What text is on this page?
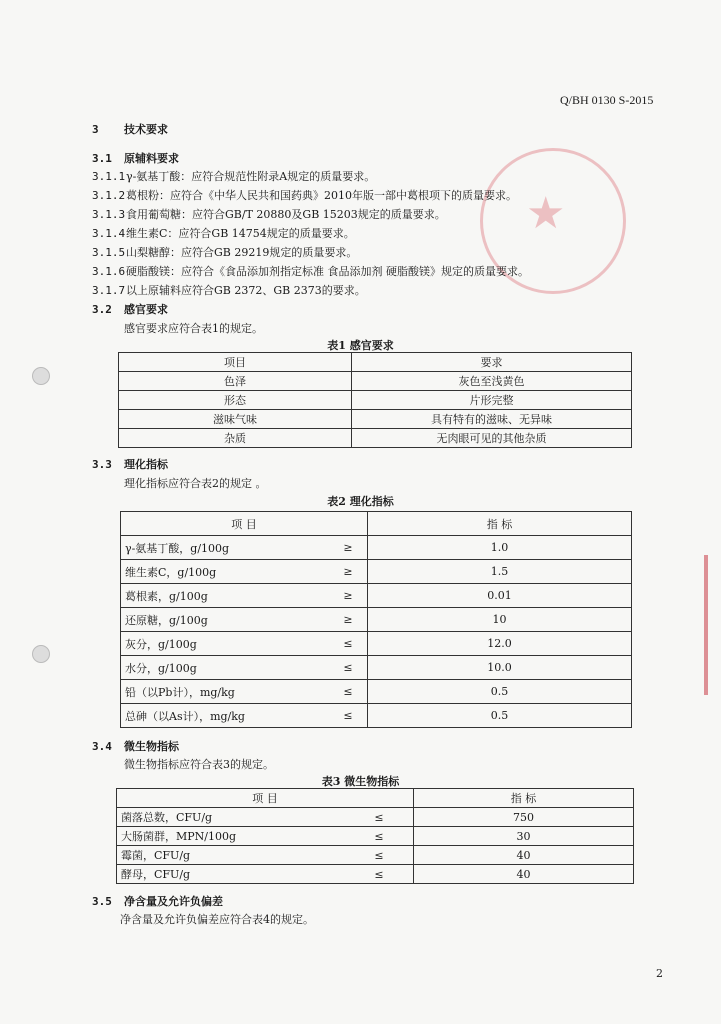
★
Q/BH 0130 S-2015
3 技术要求
3.1 原辅料要求
3.1.1γ-氨基丁酸：应符合规范性附录A规定的质量要求。
3.1.2葛根粉：应符合《中华人民共和国药典》2010年版一部中葛根项下的质量要求。
3.1.3食用葡萄糖：应符合GB/T 20880及GB 15203规定的质量要求。
3.1.4维生素C：应符合GB 14754规定的质量要求。
3.1.5山梨糖醇：应符合GB 29219规定的质量要求。
3.1.6硬脂酸镁：应符合《食品添加剂指定标准 食品添加剂 硬脂酸镁》规定的质量要求。
3.1.7以上原辅料应符合GB 2372、GB 2373的要求。
3.2 感官要求
感官要求应符合表1的规定。
表1 感官要求
项目	要求
色泽	灰色至浅黄色
形态	片形完整
滋味气味	具有特有的滋味、无异味
杂质	无肉眼可见的其他杂质
3.3 理化指标
理化指标应符合表2的规定 。
表2 理化指标
项 目		指 标
γ-氨基丁酸，g/100g	≥	1.0
维生素C，g/100g	≥	1.5
葛根素，g/100g	≥	0.01
还原糖，g/100g	≥	10
灰分，g/100g	≤	12.0
水分，g/100g	≤	10.0
铅（以Pb计），mg/kg	≤	0.5
总砷（以As计），mg/kg	≤	0.5
3.4 微生物指标
微生物指标应符合表3的规定。
表3 微生物指标
项 目		指 标
菌落总数，CFU/g	≤	750
大肠菌群，MPN/100g	≤	30
霉菌，CFU/g	≤	40
酵母，CFU/g	≤	40
3.5 净含量及允许负偏差
净含量及允许负偏差应符合表4的规定。
2
